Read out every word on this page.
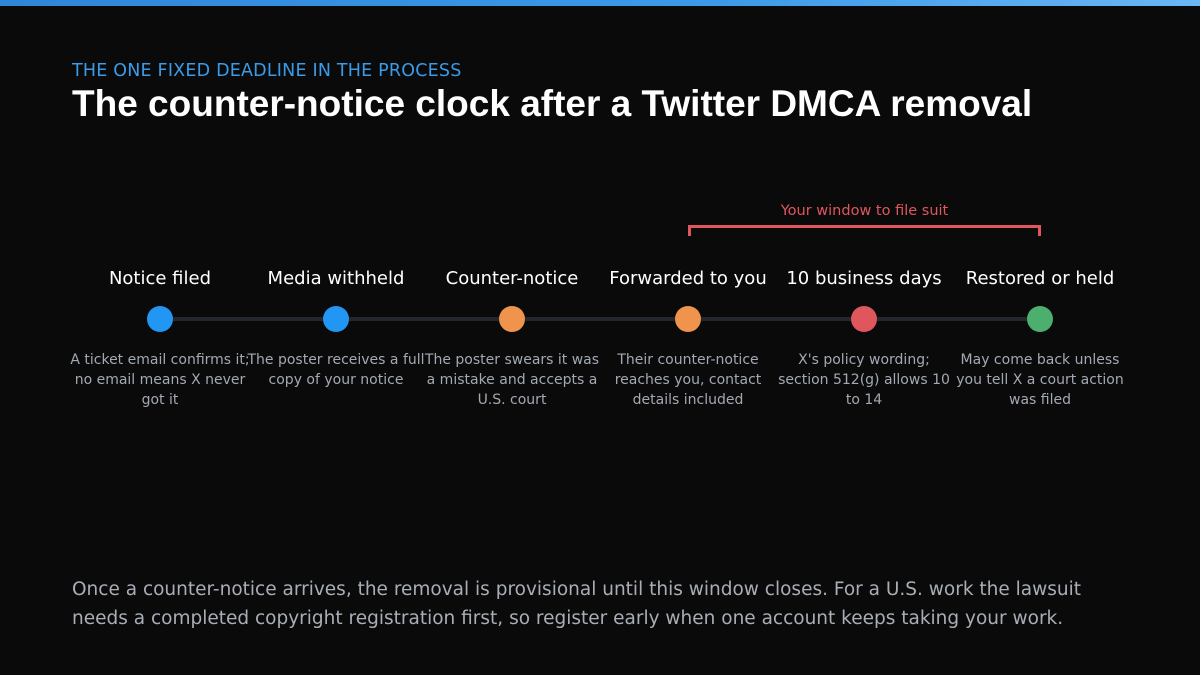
THE ONE FIXED DEADLINE IN THE PROCESS
The counter-notice clock after a Twitter DMCA removal
Your window to file suit
Notice filed
A ticket email confirms it; no email means X never got it
Media withheld
The poster receives a full copy of your notice
Counter-notice
The poster swears it was a mistake and accepts a U.S. court
Forwarded to you
Their counter-notice reaches you, contact details included
10 business days
X's policy wording; section 512(g) allows 10 to 14
Restored or held
May come back unless you tell X a court action was filed
Once a counter-notice arrives, the removal is provisional until this window closes. For a U.S. work the lawsuit needs a completed copyright registration first, so register early when one account keeps taking your work.
